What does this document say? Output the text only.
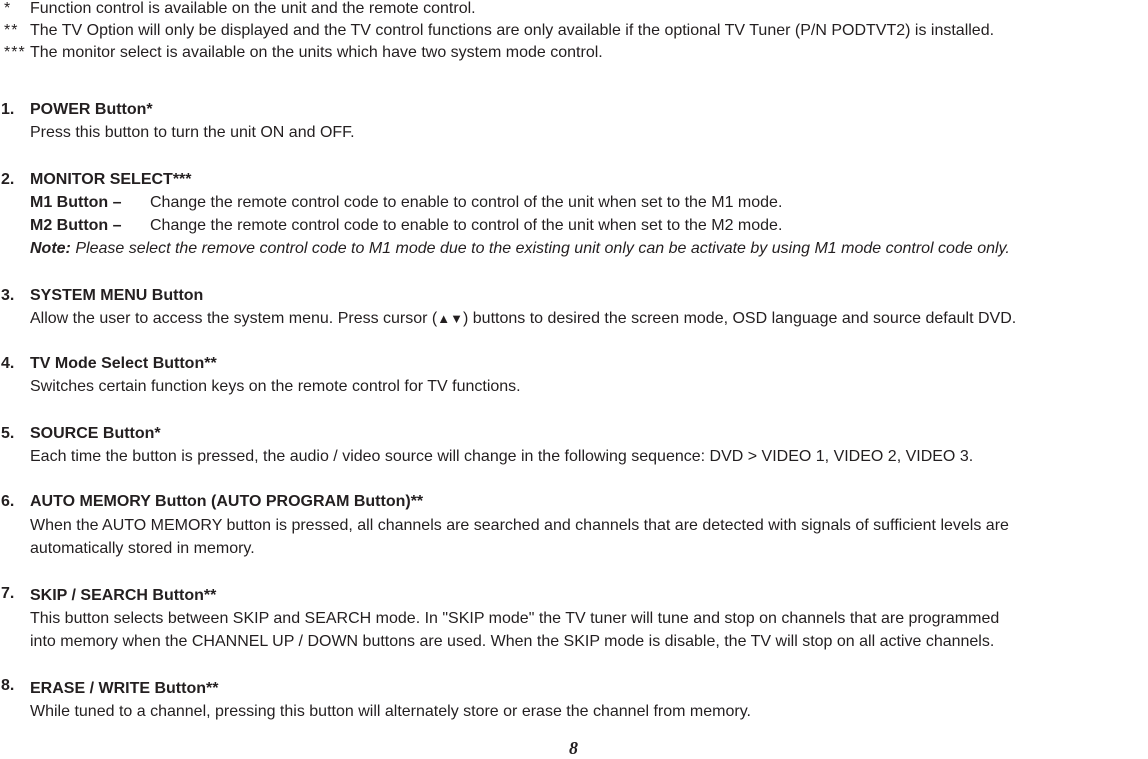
* Function control is available on the unit and the remote control.
** The TV Option will only be displayed and the TV control functions are only available if the optional TV Tuner (P/N PODTVT2) is installed.
*** The monitor select is available on the units which have two system mode control.
1. POWER Button*
Press this button to turn the unit ON and OFF.
2. MONITOR SELECT***
M1 Button – Change the remote control code to enable to control of the unit when set to the M1 mode.
M2 Button – Change the remote control code to enable to control of the unit when set to the M2 mode.
Note: Please select the remove control code to M1 mode due to the existing unit only can be activate by using M1 mode control code only.
3. SYSTEM MENU Button
Allow the user to access the system menu. Press cursor (▲▼) buttons to desired the screen mode, OSD language and source default DVD.
4. TV Mode Select Button**
Switches certain function keys on the remote control for TV functions.
5. SOURCE Button*
Each time the button is pressed, the audio / video source will change in the following sequence: DVD > VIDEO 1, VIDEO 2, VIDEO 3.
6. AUTO MEMORY Button (AUTO PROGRAM Button)**
When the AUTO MEMORY button is pressed, all channels are searched and channels that are detected with signals of sufficient levels are
automatically stored in memory.
7. SKIP / SEARCH Button**
This button selects between SKIP and SEARCH mode. In "SKIP mode" the TV tuner will tune and stop on channels that are programmed
into memory when the CHANNEL UP / DOWN buttons are used. When the SKIP mode is disable, the TV will stop on all active channels.
8. ERASE / WRITE Button**
While tuned to a channel, pressing this button will alternately store or erase the channel from memory.
8
